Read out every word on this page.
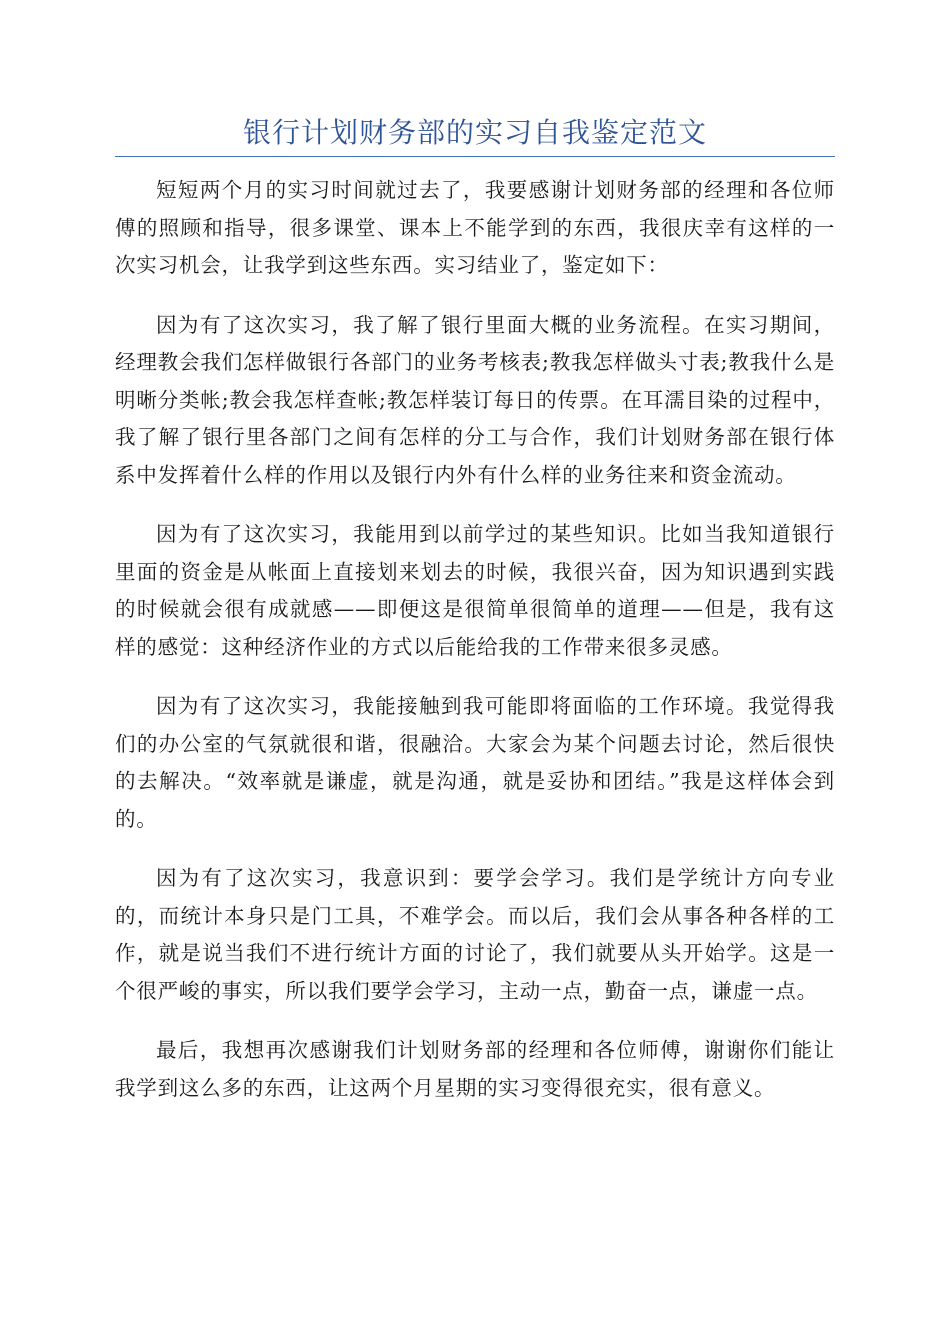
银行计划财务部的实习自我鉴定范文

短短两个月的实习时间就过去了，我要感谢计划财务部的经理和各位师傅的照顾和指导，很多课堂、课本上不能学到的东西，我很庆幸有这样的一次实习机会，让我学到这些东西。实习结业了，鉴定如下：

因为有了这次实习，我了解了银行里面大概的业务流程。在实习期间，经理教会我们怎样做银行各部门的业务考核表;教我怎样做头寸表;教我什么是明晰分类帐;教会我怎样查帐;教怎样装订每日的传票。在耳濡目染的过程中，我了解了银行里各部门之间有怎样的分工与合作，我们计划财务部在银行体系中发挥着什么样的作用以及银行内外有什么样的业务往来和资金流动。

因为有了这次实习，我能用到以前学过的某些知识。比如当我知道银行里面的资金是从帐面上直接划来划去的时候，我很兴奋，因为知识遇到实践的时候就会很有成就感——即便这是很简单很简单的道理——但是，我有这样的感觉：这种经济作业的方式以后能给我的工作带来很多灵感。

因为有了这次实习，我能接触到我可能即将面临的工作环境。我觉得我们的办公室的气氛就很和谐，很融洽。大家会为某个问题去讨论，然后很快的去解决。“效率就是谦虚，就是沟通，就是妥协和团结。”我是这样体会到的。

因为有了这次实习，我意识到：要学会学习。我们是学统计方向专业的，而统计本身只是门工具，不难学会。而以后，我们会从事各种各样的工作，就是说当我们不进行统计方面的讨论了，我们就要从头开始学。这是一个很严峻的事实，所以我们要学会学习，主动一点，勤奋一点，谦虚一点。

最后，我想再次感谢我们计划财务部的经理和各位师傅，谢谢你们能让我学到这么多的东西，让这两个月星期的实习变得很充实，很有意义。
